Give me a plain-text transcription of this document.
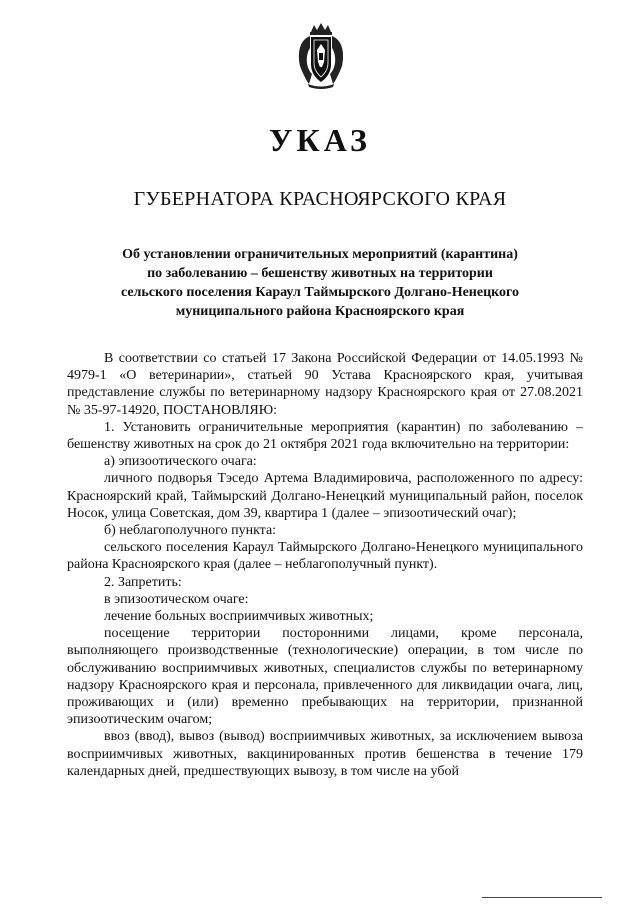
УКАЗ
ГУБЕРНАТОРА КРАСНОЯРСКОГО КРАЯ
Об установлении ограничительных мероприятий (карантина)
по заболеванию – бешенству животных на территории
сельского поселения Караул Таймырского Долгано-Ненецкого
муниципального района Красноярского края

В соответствии со статьей 17 Закона Российской Федерации от 14.05.1993 № 4979-1 «О ветеринарии», статьей 90 Устава Красноярского края, учитывая представление службы по ветеринарному надзору Красноярского края от 27.08.2021 № 35-97-14920, ПОСТАНОВЛЯЮ:

1. Установить ограничительные мероприятия (карантин) по заболеванию – бешенству животных на срок до 21 октября 2021 года включительно на территории:

а) эпизоотического очага:

личного подворья Тэседо Артема Владимировича, расположенного по адресу: Красноярский край, Таймырский Долгано-Ненецкий муниципальный район, поселок Носок, улица Советская, дом 39, квартира 1 (далее – эпизоотический очаг);

б) неблагополучного пункта:

сельского поселения Караул Таймырского Долгано-Ненецкого муниципального района Красноярского края (далее – неблагополучный пункт).

2. Запретить:

в эпизоотическом очаге:

лечение больных восприимчивых животных;

посещение территории посторонними лицами, кроме персонала, выполняющего производственные (технологические) операции, в том числе по обслуживанию восприимчивых животных, специалистов службы по ветеринарному надзору Красноярского края и персонала, привлеченного для ликвидации очага, лиц, проживающих и (или) временно пребывающих на территории, признанной эпизоотическим очагом;

ввоз (ввод), вывоз (вывод) восприимчивых животных, за исключением вывоза восприимчивых животных, вакцинированных против бешенства в течение 179 календарных дней, предшествующих вывозу, в том числе на убой
